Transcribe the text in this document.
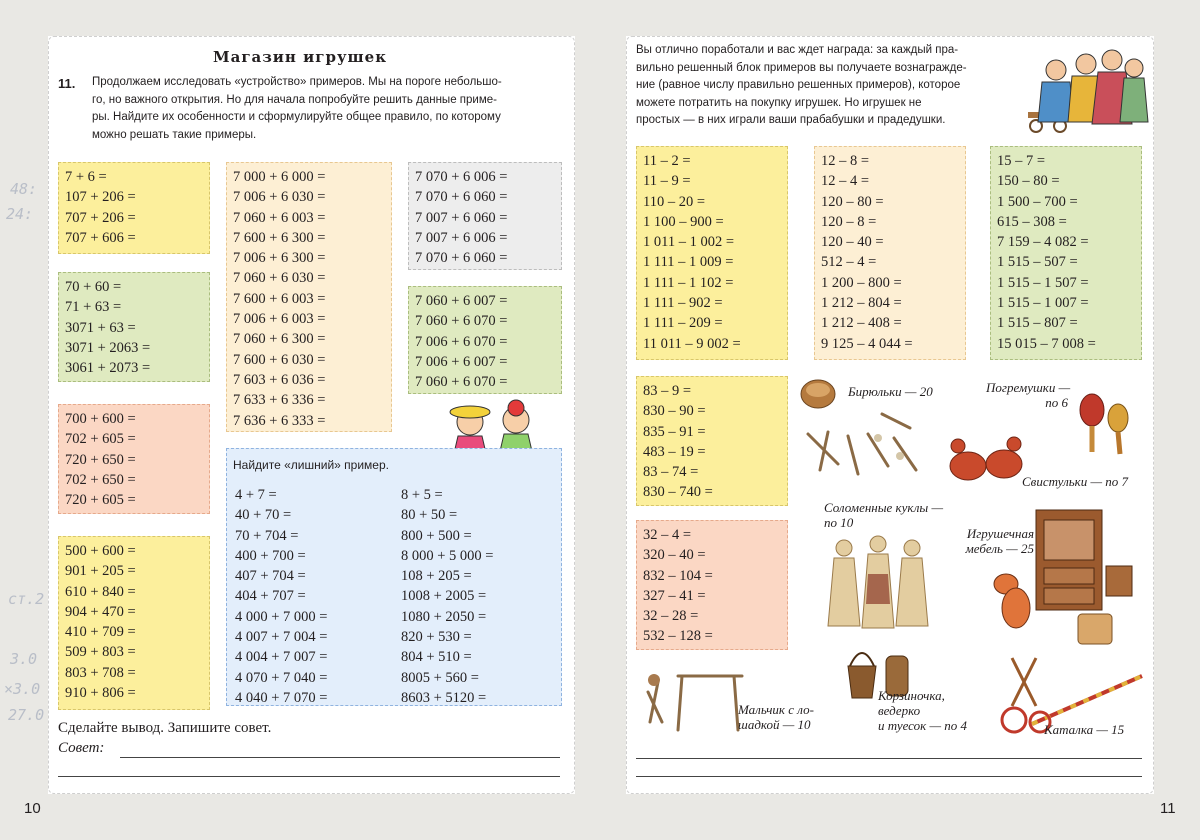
48:
24:
ст.2
3.0
×3.0
27.0
Магазин игрушек
11. Продолжаем исследовать «устройство» примеров. Мы на пороге небольшо-
го, но важного открытия. Но для начала попробуйте решить данные приме-
ры. Найдите их особенности и сформулируйте общее правило, по которому
можно решать такие примеры.
7 + 6 =
107 + 206 =
707 + 206 =
707 + 606 =
70 + 60 =
71 + 63 =
3071 + 63 =
3071 + 2063 =
3061 + 2073 =
700 + 600 =
702 + 605 =
720 + 650 =
702 + 650 =
720 + 605 =
500 + 600 =
901 + 205 =
610 + 840 =
904 + 470 =
410 + 709 =
509 + 803 =
803 + 708 =
910 + 806 =
7 000 + 6 000 =
7 006 + 6 030 =
7 060 + 6 003 =
7 600 + 6 300 =
7 006 + 6 300 =
7 060 + 6 030 =
7 600 + 6 003 =
7 006 + 6 003 =
7 060 + 6 300 =
7 600 + 6 030 =
7 603 + 6 036 =
7 633 + 6 336 =
7 636 + 6 333 =
7 070 + 6 006 =
7 070 + 6 060 =
7 007 + 6 060 =
7 007 + 6 006 =
7 070 + 6 060 =
7 060 + 6 007 =
7 060 + 6 070 =
7 006 + 6 070 =
7 006 + 6 007 =
7 060 + 6 070 =
Найдите «лишний» пример.
4 + 7 =
40 + 70 =
70 + 704 =
400 + 700 =
407 + 704 =
404 + 707 =
4 000 + 7 000 =
4 007 + 7 004 =
4 004 + 7 007 =
4 070 + 7 040 =
4 040 + 7 070 =
8 + 5 =
80 + 50 =
800 + 500 =
8 000 + 5 000 =
108 + 205 =
1008 + 2005 =
1080 + 2050 =
820 + 530 =
804 + 510 =
8005 + 560 =
8603 + 5120 =
Сделайте вывод. Запишите совет.
Совет:
Вы отлично поработали и вас ждет награда: за каждый пра-
вильно решенный блок примеров вы получаете вознагражде-
ние (равное числу правильно решенных примеров), которое
можете потратить на покупку игрушек. Но игрушек не
простых — в них играли ваши прабабушки и прадедушки.
11 – 2 =
11 – 9 =
110 – 20 =
1 100 – 900 =
1 011 – 1 002 =
1 111 – 1 009 =
1 111 – 1 102 =
1 111 – 902 =
1 111 – 209 =
11 011 – 9 002 =
12 – 8 =
12 – 4 =
120 – 80 =
120 – 8 =
120 – 40 =
512 – 4 =
1 200 – 800 =
1 212 – 804 =
1 212 – 408 =
9 125 – 4 044 =
15 – 7 =
150 – 80 =
1 500 – 700 =
615 – 308 =
7 159 – 4 082 =
1 515 – 507 =
1 515 – 1 507 =
1 515 – 1 007 =
1 515 – 807 =
15 015 – 7 008 =
83 – 9 =
830 – 90 =
835 – 91 =
483 – 19 =
83 – 74 =
830 – 740 =
32 – 4 =
320 – 40 =
832 – 104 =
327 – 41 =
32 – 28 =
532 – 128 =
Бирюльки — 20	Погремушки —
по 6
Свистульки — по 7
Соломенные куклы —
по 10
Игрушечная
мебель — 25
Корзиночка,
ведерко
и туесок — по 4
Мальчик с ло-
шадкой — 10	Каталка — 15
10	11
